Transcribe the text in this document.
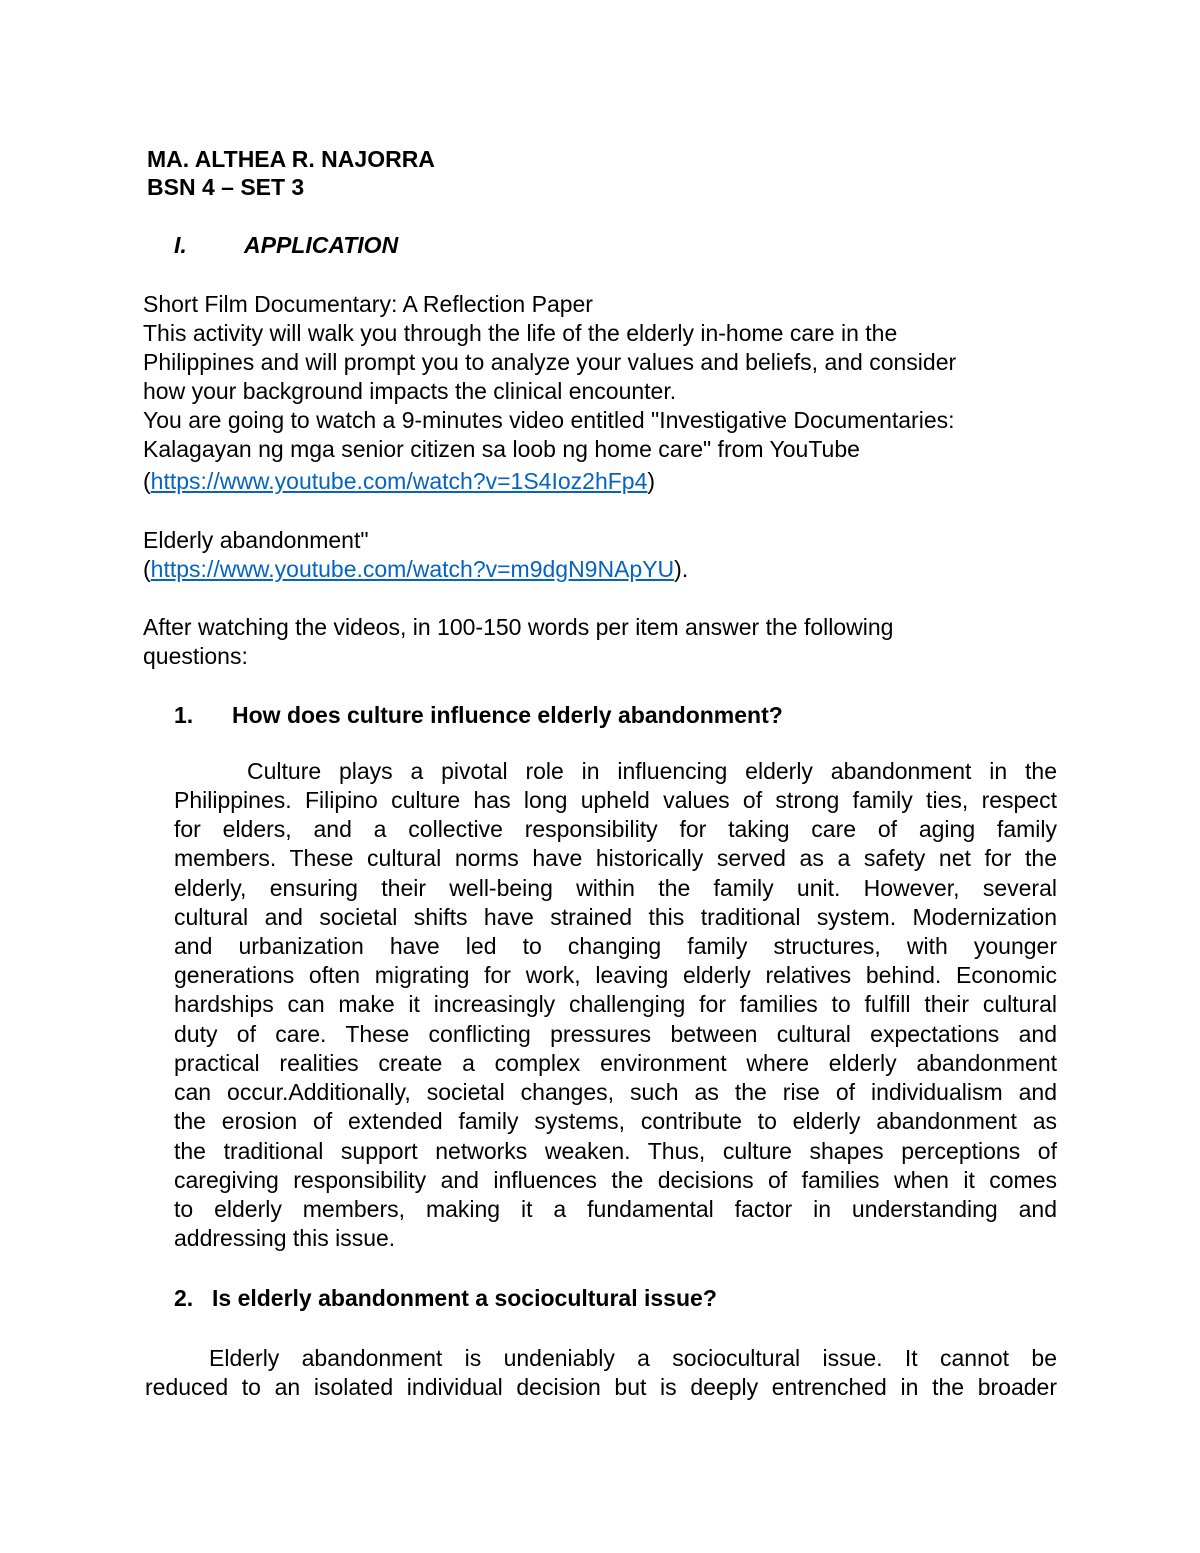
MA. ALTHEA R. NAJORRA
BSN 4 – SET 3
I. APPLICATION
Short Film Documentary: A Reflection Paper
This activity will walk you through the life of the elderly in-home care in the
Philippines and will prompt you to analyze your values and beliefs, and consider
how your background impacts the clinical encounter.
You are going to watch a 9-minutes video entitled "Investigative Documentaries:
Kalagayan ng mga senior citizen sa loob ng home care" from YouTube
(https://www.youtube.com/watch?v=1S4Ioz2hFp4)
Elderly abandonment"
(https://www.youtube.com/watch?v=m9dgN9NApYU).
After watching the videos, in 100-150 words per item answer the following
questions:
1. How does culture influence elderly abandonment?
Culture plays a pivotal role in influencing elderly abandonment in the
Philippines. Filipino culture has long upheld values of strong family ties, respect
for elders, and a collective responsibility for taking care of aging family
members. These cultural norms have historically served as a safety net for the
elderly, ensuring their well-being within the family unit. However, several
cultural and societal shifts have strained this traditional system. Modernization
and urbanization have led to changing family structures, with younger
generations often migrating for work, leaving elderly relatives behind. Economic
hardships can make it increasingly challenging for families to fulfill their cultural
duty of care. These conflicting pressures between cultural expectations and
practical realities create a complex environment where elderly abandonment
can occur.Additionally, societal changes, such as the rise of individualism and
the erosion of extended family systems, contribute to elderly abandonment as
the traditional support networks weaken. Thus, culture shapes perceptions of
caregiving responsibility and influences the decisions of families when it comes
to elderly members, making it a fundamental factor in understanding and
addressing this issue.
2. Is elderly abandonment a sociocultural issue?
Elderly abandonment is undeniably a sociocultural issue. It cannot be
reduced to an isolated individual decision but is deeply entrenched in the broader
